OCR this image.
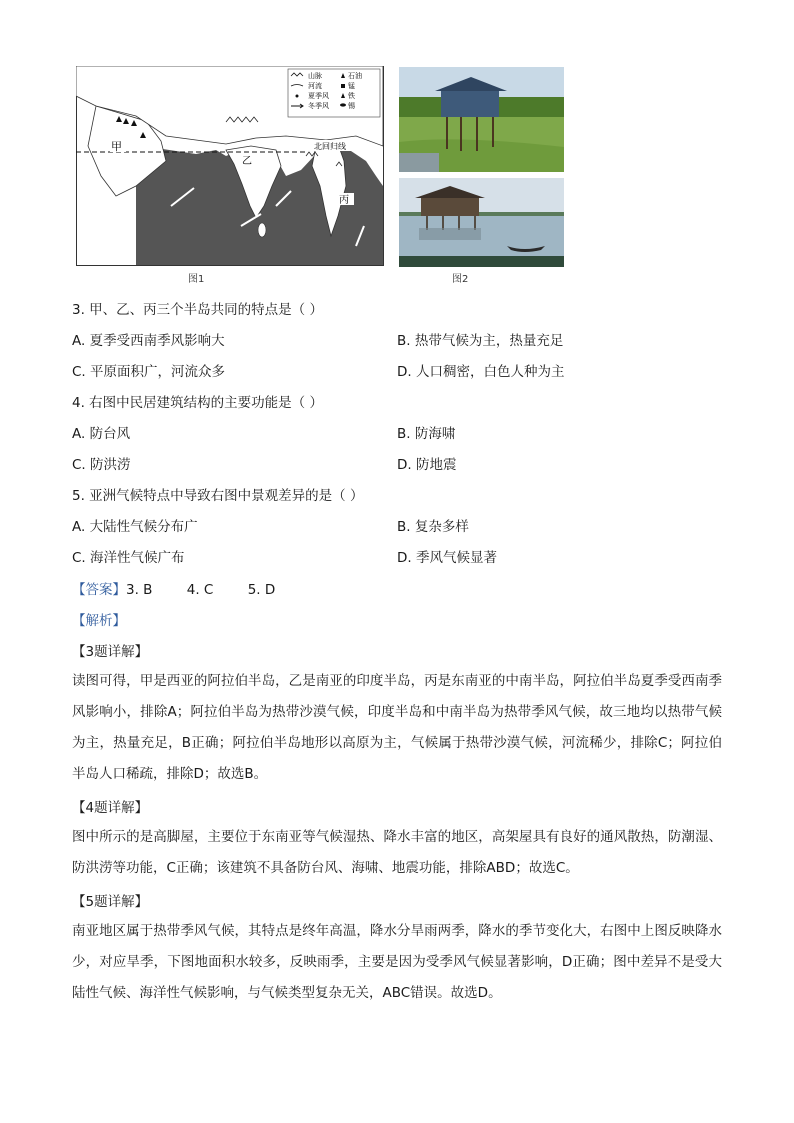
山脉
河流
夏季风
冬季风
石油
锰
铁
锡
甲
乙
丙
北回归线
图1	图2
3. 甲、乙、丙三个半岛共同的特点是（ ）
A. 夏季受西南季风影响大	B. 热带气候为主，热量充足
C. 平原面积广，河流众多	D. 人口稠密，白色人种为主
4. 右图中民居建筑结构的主要功能是（ ）
A. 防台风	B. 防海啸
C. 防洪涝	D. 防地震
5. 亚洲气候特点中导致右图中景观差异的是（ ）
A. 大陆性气候分布广	B. 复杂多样
C. 海洋性气候广布	D. 季风气候显著
【答案】3. B        4. C        5. D
【解析】
【3题详解】

读图可得，甲是西亚的阿拉伯半岛，乙是南亚的印度半岛，丙是东南亚的中南半岛，阿拉伯半岛夏季受西南季风影响小，排除A；阿拉伯半岛为热带沙漠气候，印度半岛和中南半岛为热带季风气候，故三地均以热带气候为主，热量充足，B正确；阿拉伯半岛地形以高原为主，气候属于热带沙漠气候，河流稀少，排除C；阿拉伯半岛人口稀疏，排除D；故选B。

【4题详解】

图中所示的是高脚屋，主要位于东南亚等气候湿热、降水丰富的地区，高架屋具有良好的通风散热，防潮湿、防洪涝等功能，C正确；该建筑不具备防台风、海啸、地震功能，排除ABD；故选C。

【5题详解】

南亚地区属于热带季风气候，其特点是终年高温，降水分旱雨两季，降水的季节变化大，右图中上图反映降水少，对应旱季，下图地面积水较多，反映雨季，主要是因为受季风气候显著影响，D正确；图中差异不是受大陆性气候、海洋性气候影响，与气候类型复杂无关，ABC错误。故选D。
